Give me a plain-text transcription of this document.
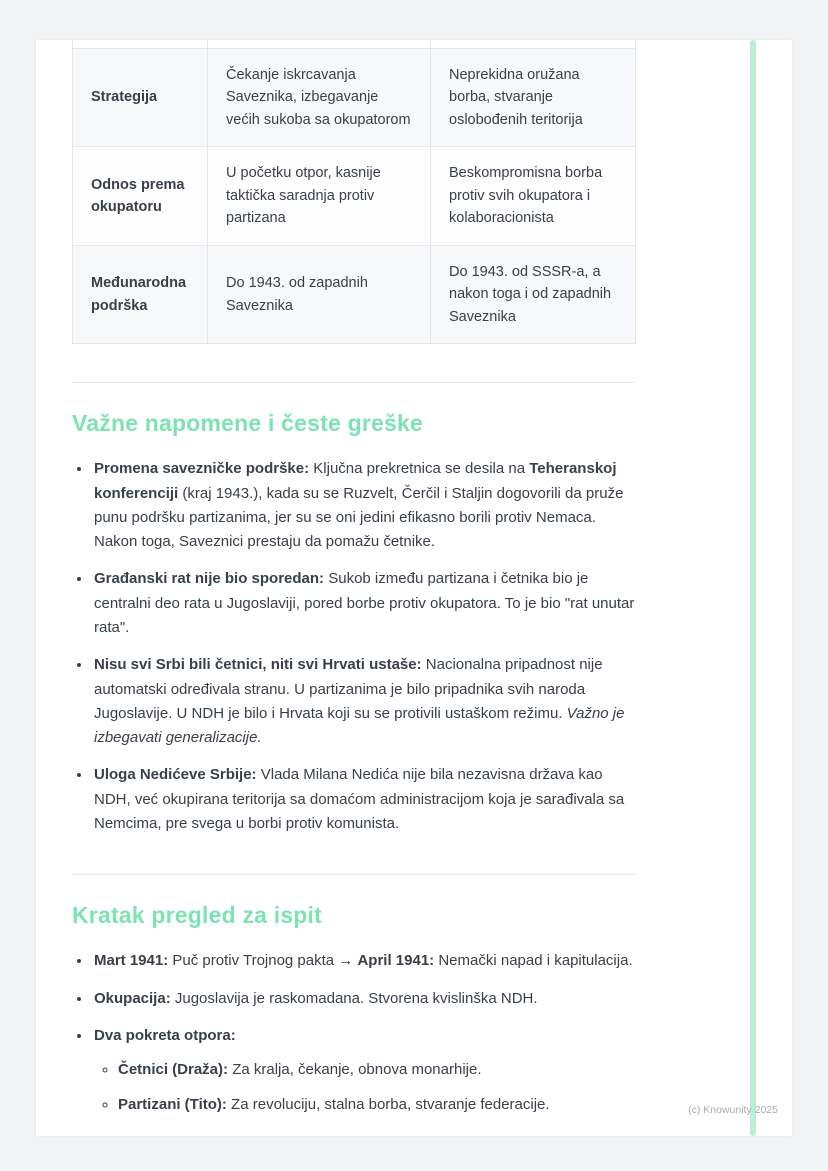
Strategija	Čekanje iskrcavanja Saveznika, izbegavanje većih sukoba sa okupatorom	Neprekidna oružana borba, stvaranje oslobođenih teritorija
Odnos prema okupatoru	U početku otpor, kasnije taktička saradnja protiv partizana	Beskompromisna borba protiv svih okupatora i kolaboracionista
Međunarodna podrška	Do 1943. od zapadnih Saveznika	Do 1943. od SSSR-a, a nakon toga i od zapadnih Saveznika
Važne napomene i česte greške
• Promena savezničke podrške: Ključna prekretnica se desila na Teheranskoj konferenciji (kraj 1943.), kada su se Ruzvelt, Čerčil i Staljin dogovorili da pruže punu podršku partizanima, jer su se oni jedini efikasno borili protiv Nemaca. Nakon toga, Saveznici prestaju da pomažu četnike.
• Građanski rat nije bio sporedan: Sukob između partizana i četnika bio je centralni deo rata u Jugoslaviji, pored borbe protiv okupatora. To je bio "rat unutar rata".
• Nisu svi Srbi bili četnici, niti svi Hrvati ustaše: Nacionalna pripadnost nije automatski određivala stranu. U partizanima je bilo pripadnika svih naroda Jugoslavije. U NDH je bilo i Hrvata koji su se protivili ustaškom režimu. Važno je izbegavati generalizacije.
• Uloga Nedićeve Srbije: Vlada Milana Nedića nije bila nezavisna država kao NDH, već okupirana teritorija sa domaćom administracijom koja je sarađivala sa Nemcima, pre svega u borbi protiv komunista.
Kratak pregled za ispit
• Mart 1941: Puč protiv Trojnog pakta → April 1941: Nemački napad i kapitulacija.
• Okupacija: Jugoslavija je raskomadana. Stvorena kvislinška NDH.
• Dva pokreta otpora:
◦ Četnici (Draža): Za kralja, čekanje, obnova monarhije.
◦ Partizani (Tito): Za revoluciju, stalna borba, stvaranje federacije.	(c) Knowunity 2025
